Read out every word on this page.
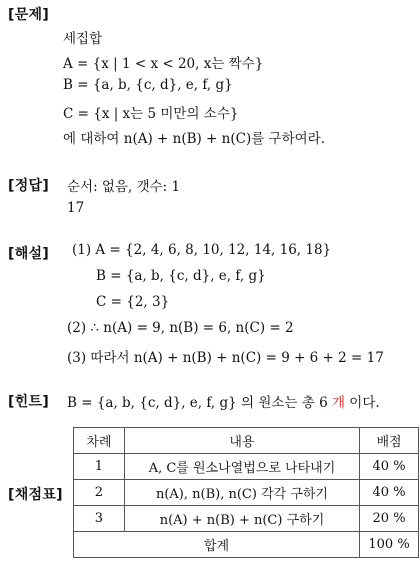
[문제]
세집합
A = {x | 1 < x < 20, x는 짝수}
B = {a, b, {c, d}, e, f, g}
C = {x | x는 5 미만의 소수}
에 대하여 n(A) + n(B) + n(C)를 구하여라.
[정답] 순서: 없음, 갯수: 1
17
[해설] (1) A = {2, 4, 6, 8, 10, 12, 14, 16, 18}
B = {a, b, {c, d}, e, f, g}
C = {2, 3}
(2) ∴ n(A) = 9, n(B) = 6, n(C) = 2
(3) 따라서 n(A) + n(B) + n(C) = 9 + 6 + 2 = 17
[힌트] B = {a, b, {c, d}, e, f, g} 의 원소는 총 6 개 이다.
[채점표]
차례	내용	배점
1	A, C를 원소나열법으로 나타내기	40 %
2	n(A), n(B), n(C) 각각 구하기	40 %
3	n(A) + n(B) + n(C) 구하기	20 %
합계		100 %
